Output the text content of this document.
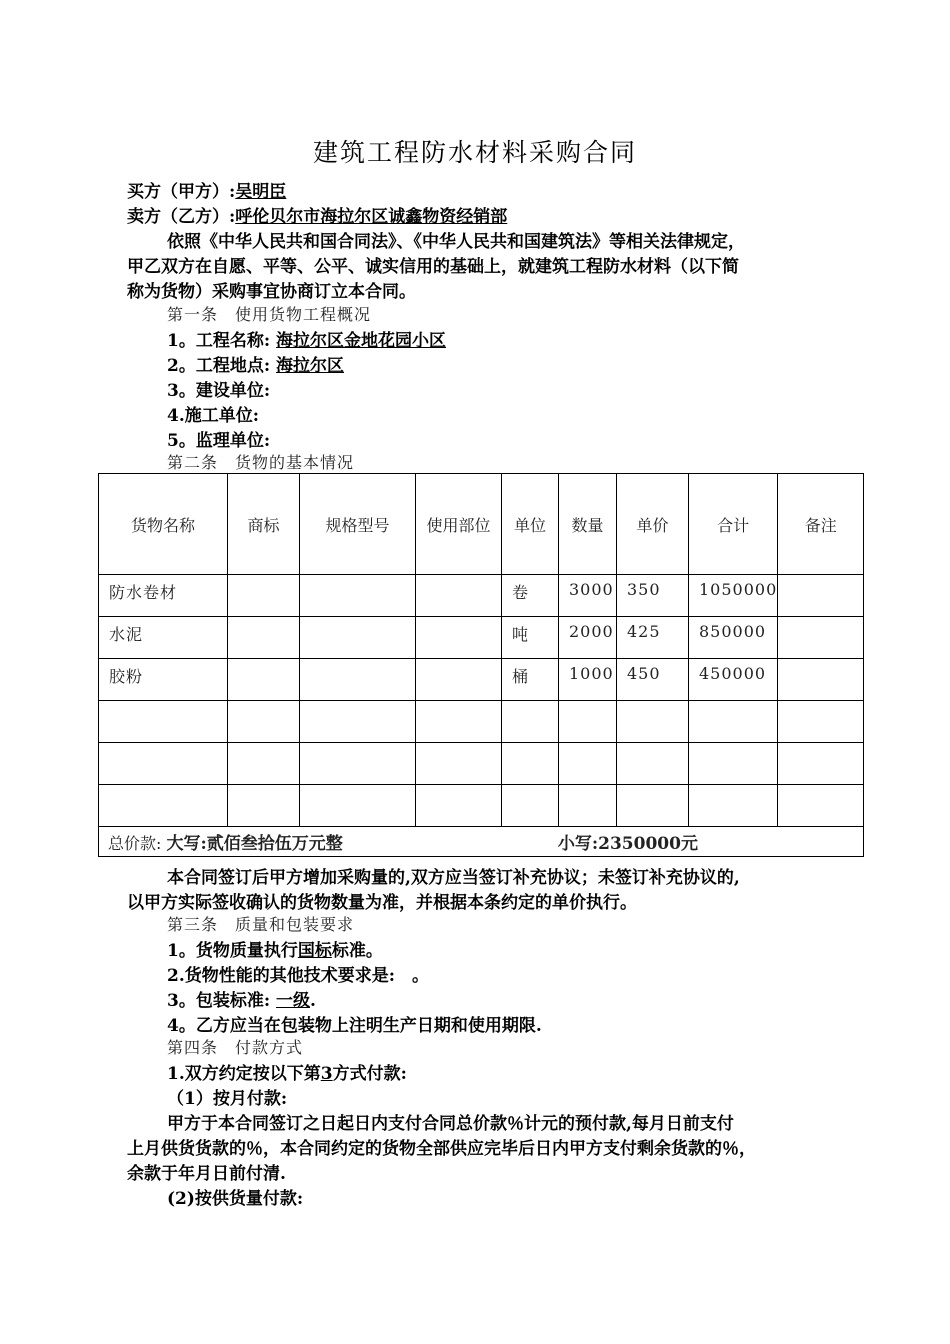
建筑工程防水材料采购合同
买方（甲方）:吴明臣
卖方（乙方）:呼伦贝尔市海拉尔区诚鑫物资经销部
依照《中华人民共和国合同法》、《中华人民共和国建筑法》等相关法律规定，
甲乙双方在自愿、平等、公平、诚实信用的基础上，就建筑工程防水材料（以下简
称为货物）采购事宜协商订立本合同。
第一条　使用货物工程概况
1。工程名称: 海拉尔区金地花园小区
2。工程地点: 海拉尔区
3。建设单位:
4.施工单位:
5。监理单位:
第二条　货物的基本情况
货物名称	商标	规格型号	使用部位	单位	数量	单价	合计	备注

防水卷材				卷	3000	350	1050000	

水泥				吨	2000	425	850000	

胶粉				桶	1000	450	450000	

总价款: 大写:贰佰叁拾伍万元整 小写:2350000元								
本合同签订后甲方增加采购量的,双方应当签订补充协议；未签订补充协议的,
以甲方实际签收确认的货物数量为准，并根据本条约定的单价执行。
第三条　质量和包装要求
1。货物质量执行国标标准。
2.货物性能的其他技术要求是:　。
3。包装标准: 一级.
4。乙方应当在包装物上注明生产日期和使用期限.
第四条　付款方式
1.双方约定按以下第3方式付款:
（1）按月付款:
甲方于本合同签订之日起日内支付合同总价款％计元的预付款,每月日前支付
上月供货货款的％，本合同约定的货物全部供应完毕后日内甲方支付剩余货款的％，
余款于年月日前付清.
(2)按供货量付款:
